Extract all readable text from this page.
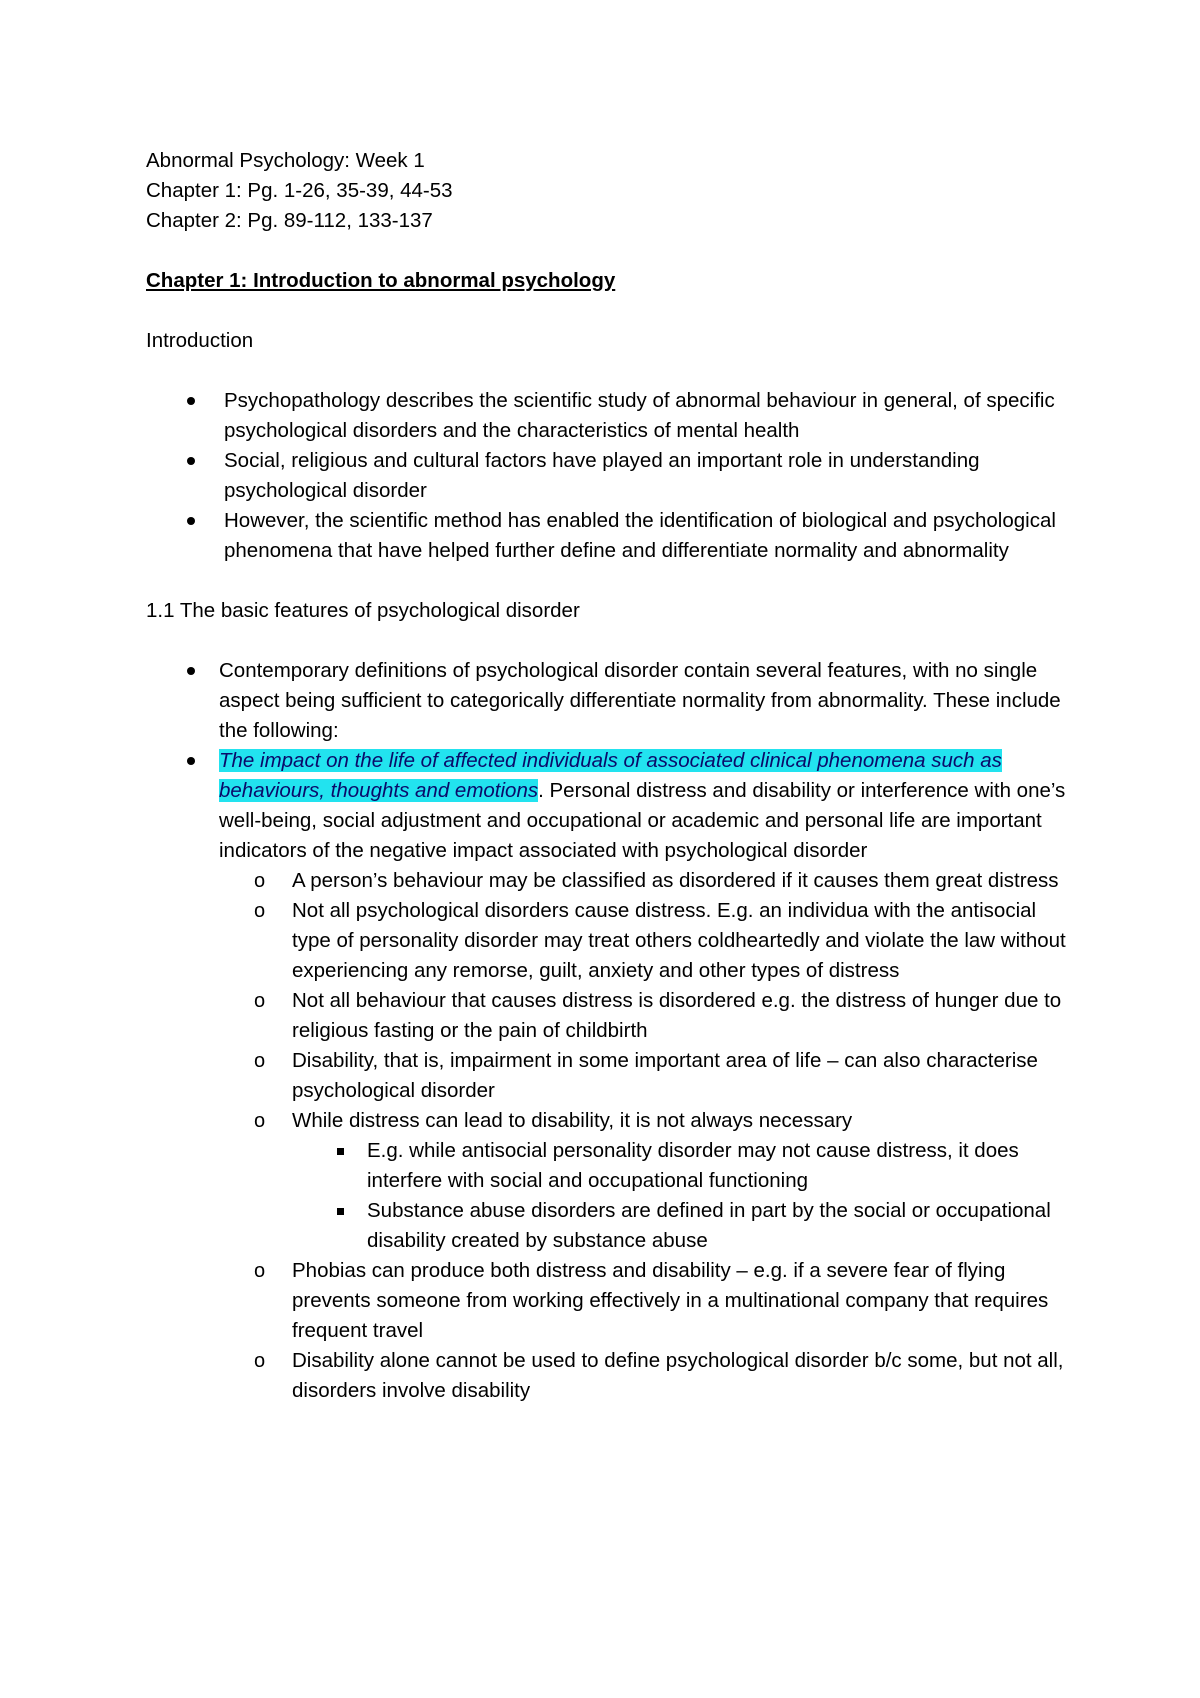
Abnormal Psychology: Week 1

Chapter 1: Pg. 1-26, 35-39, 44-53

Chapter 2: Pg. 89-112, 133-137

Chapter 1: Introduction to abnormal psychology

Introduction

Psychopathology describes the scientific study of abnormal behaviour in general, of specific psychological disorders and the characteristics of mental health
Social, religious and cultural factors have played an important role in understanding psychological disorder
However, the scientific method has enabled the identification of biological and psychological phenomena that have helped further define and differentiate normality and abnormality

1.1 The basic features of psychological disorder

Contemporary definitions of psychological disorder contain several features, with no single aspect being sufficient to categorically differentiate normality from abnormality. These include the following:
The impact on the life of affected individuals of associated clinical phenomena such as behaviours, thoughts and emotions. Personal distress and disability or interference with one’s well-being, social adjustment and occupational or academic and personal life are important indicators of the negative impact associated with psychological disorder
o A person’s behaviour may be classified as disordered if it causes them great distress
o Not all psychological disorders cause distress. E.g. an individua with the antisocial type of personality disorder may treat others coldheartedly and violate the law without experiencing any remorse, guilt, anxiety and other types of distress
o Not all behaviour that causes distress is disordered e.g. the distress of hunger due to religious fasting or the pain of childbirth
o Disability, that is, impairment in some important area of life – can also characterise psychological disorder
o While distress can lead to disability, it is not always necessary
E.g. while antisocial personality disorder may not cause distress, it does interfere with social and occupational functioning
Substance abuse disorders are defined in part by the social or occupational disability created by substance abuse
o Phobias can produce both distress and disability – e.g. if a severe fear of flying prevents someone from working effectively in a multinational company that requires frequent travel
o Disability alone cannot be used to define psychological disorder b/c some, but not all, disorders involve disability
